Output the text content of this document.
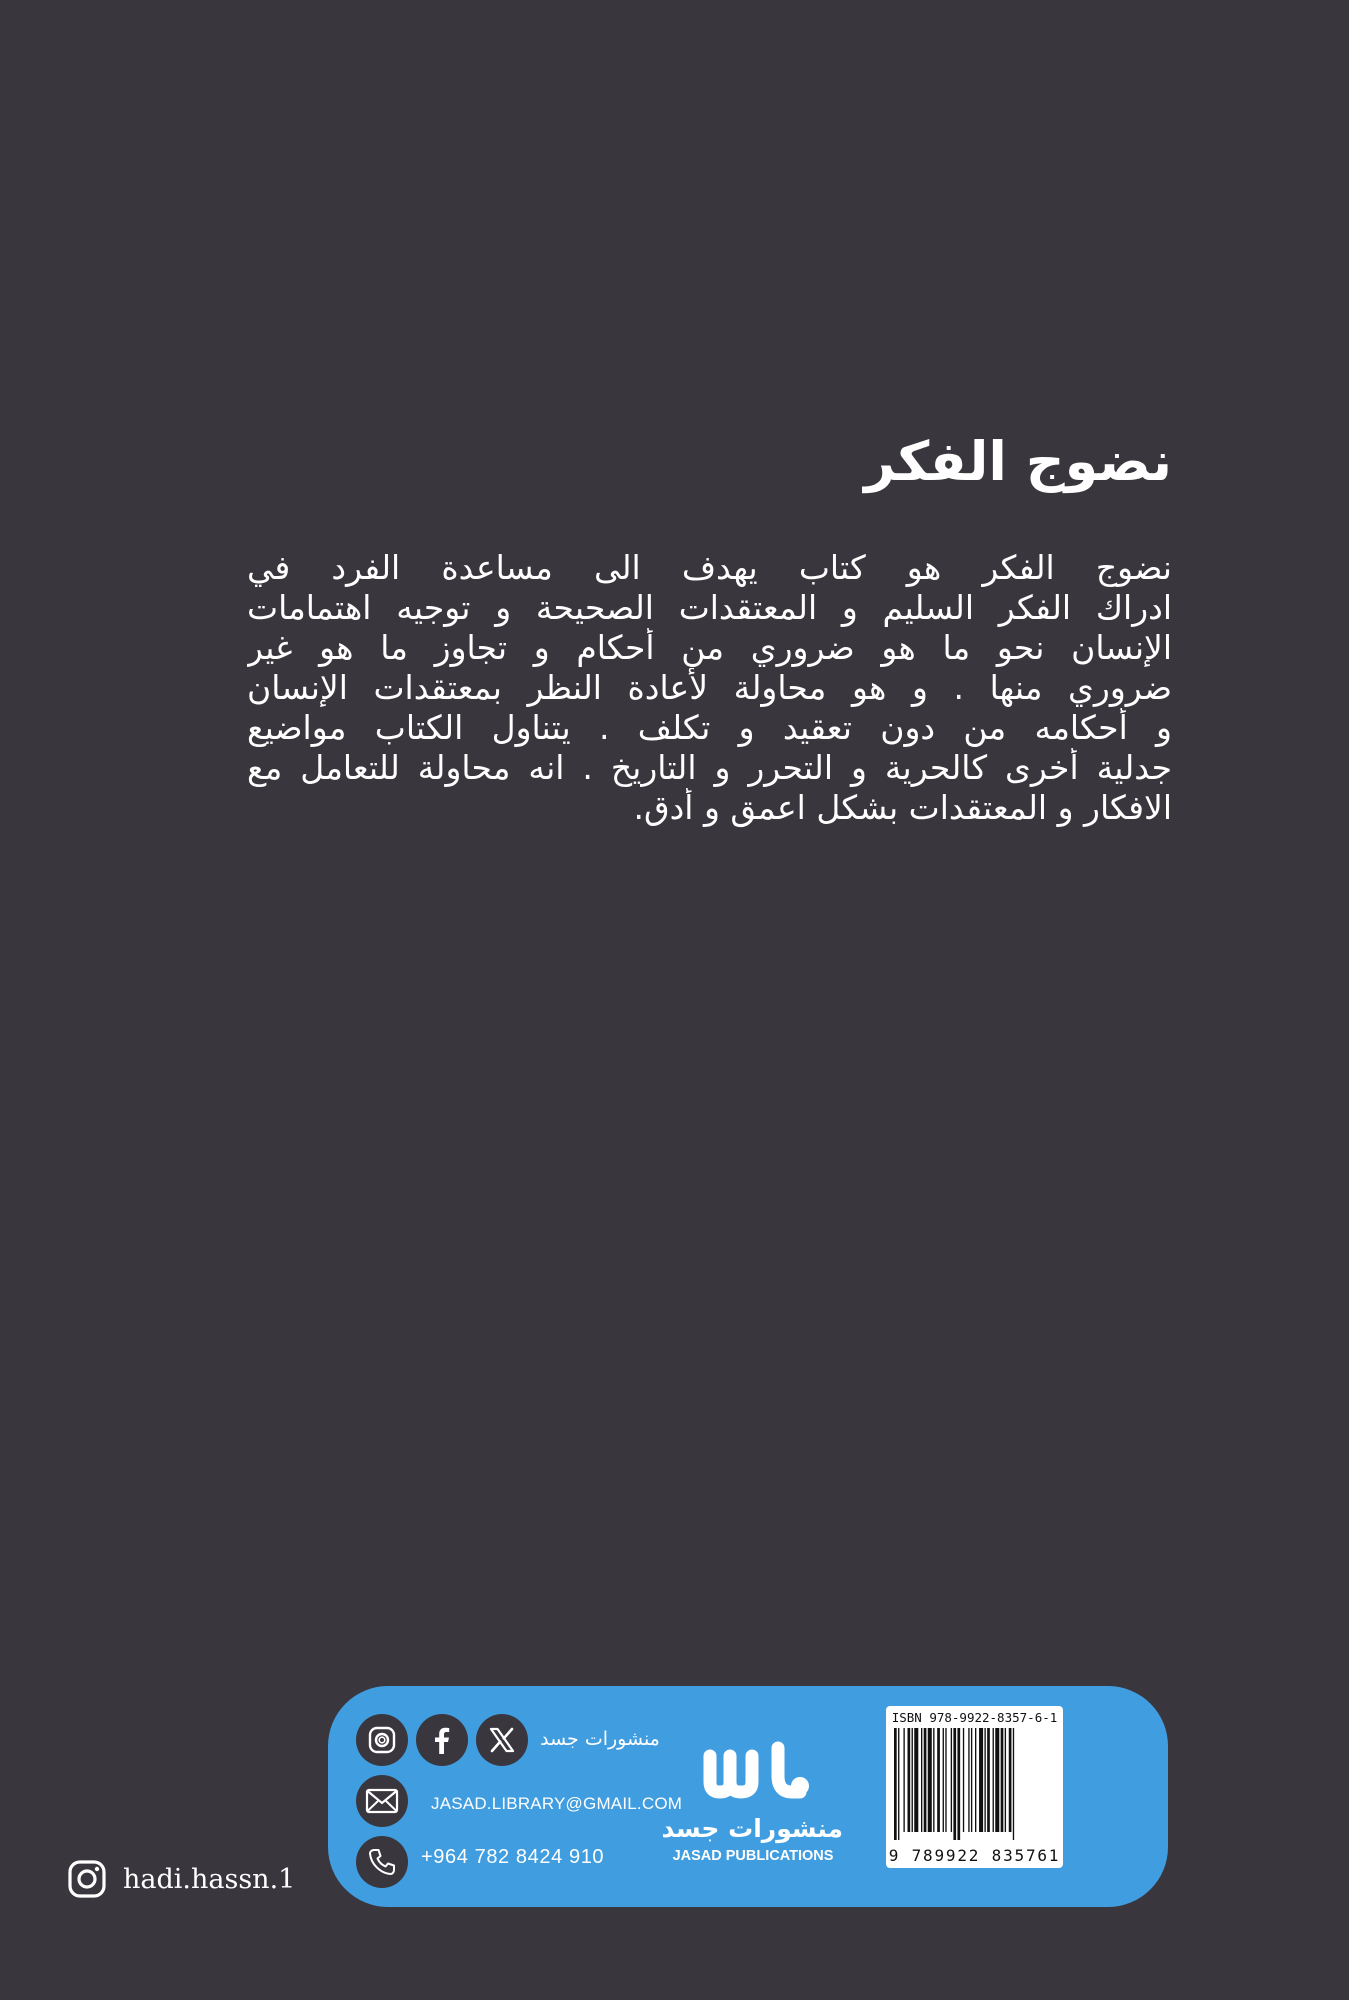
نضوج الفكر
نضوج الفكر هو كتاب يهدف الى مساعدة الفرد في
ادراك الفكر السليم و المعتقدات الصحيحة و توجيه اهتمامات
الإنسان نحو ما هو ضروري من أحكام و تجاوز ما هو غير
ضروري منها . و هو محاولة لأعادة النظر بمعتقدات الإنسان
و أحكامه من دون تعقيد و تكلف . يتناول الكتاب مواضيع
جدلية أخرى كالحرية و التحرر و التاريخ . انه محاولة للتعامل مع
الافكار و المعتقدات بشكل اعمق و أدق.
منشورات جسد
JASAD.LIBRARY@GMAIL.COM
+964 782 8424 910
منشورات جسد
JASAD PUBLICATIONS
ISBN 978-9922-8357-6-1
9 789922 835761
hadi.hassn.1
